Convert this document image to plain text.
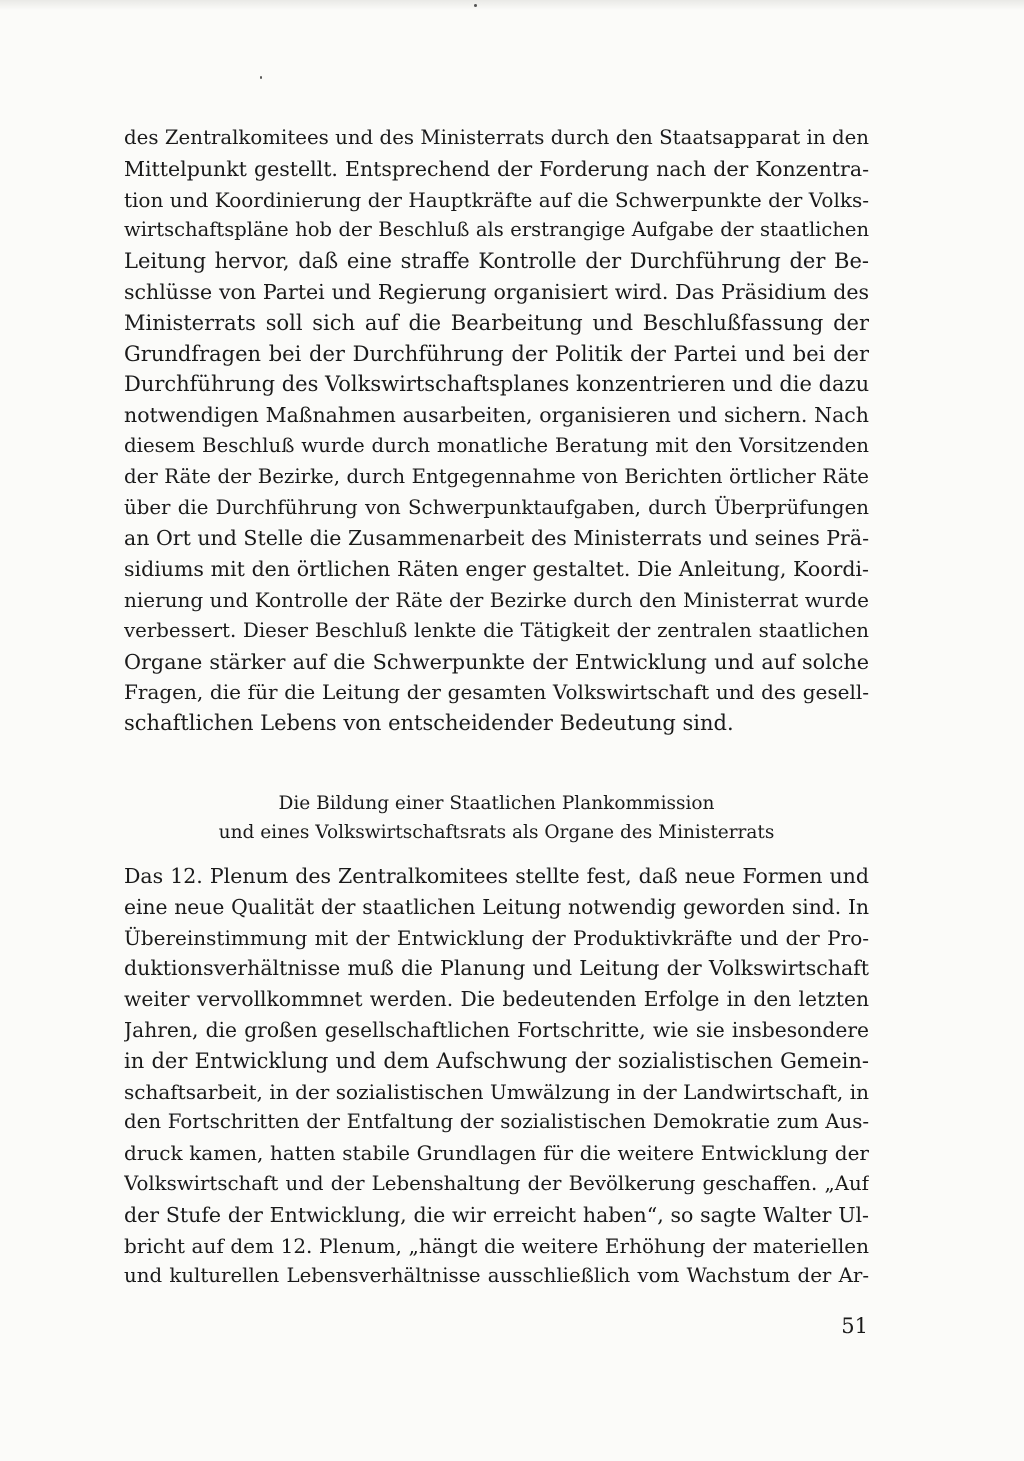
des Zentralkomitees und des Ministerrats durch den Staatsapparat in den
Mittelpunkt gestellt. Entsprechend der Forderung nach der Konzentra-
tion und Koordinierung der Hauptkräfte auf die Schwerpunkte der Volks-
wirtschaftspläne hob der Beschluß als erstrangige Aufgabe der staatlichen
Leitung hervor, daß eine straffe Kontrolle der Durchführung der Be-
schlüsse von Partei und Regierung organisiert wird. Das Präsidium des
Ministerrats soll sich auf die Bearbeitung und Beschlußfassung der
Grundfragen bei der Durchführung der Politik der Partei und bei der
Durchführung des Volkswirtschaftsplanes konzentrieren und die dazu
notwendigen Maßnahmen ausarbeiten, organisieren und sichern. Nach
diesem Beschluß wurde durch monatliche Beratung mit den Vorsitzenden
der Räte der Bezirke, durch Entgegennahme von Berichten örtlicher Räte
über die Durchführung von Schwerpunktaufgaben, durch Überprüfungen
an Ort und Stelle die Zusammenarbeit des Ministerrats und seines Prä-
sidiums mit den örtlichen Räten enger gestaltet. Die Anleitung, Koordi-
nierung und Kontrolle der Räte der Bezirke durch den Ministerrat wurde
verbessert. Dieser Beschluß lenkte die Tätigkeit der zentralen staatlichen
Organe stärker auf die Schwerpunkte der Entwicklung und auf solche
Fragen, die für die Leitung der gesamten Volkswirtschaft und des gesell-
schaftlichen Lebens von entscheidender Bedeutung sind.
Die Bildung einer Staatlichen Plankommission
und eines Volkswirtschaftsrats als Organe des Ministerrats
Das 12. Plenum des Zentralkomitees stellte fest, daß neue Formen und
eine neue Qualität der staatlichen Leitung notwendig geworden sind. In
Übereinstimmung mit der Entwicklung der Produktivkräfte und der Pro-
duktionsverhältnisse muß die Planung und Leitung der Volkswirtschaft
weiter vervollkommnet werden. Die bedeutenden Erfolge in den letzten
Jahren, die großen gesellschaftlichen Fortschritte, wie sie insbesondere
in der Entwicklung und dem Aufschwung der sozialistischen Gemein-
schaftsarbeit, in der sozialistischen Umwälzung in der Landwirtschaft, in
den Fortschritten der Entfaltung der sozialistischen Demokratie zum Aus-
druck kamen, hatten stabile Grundlagen für die weitere Entwicklung der
Volkswirtschaft und der Lebenshaltung der Bevölkerung geschaffen. „Auf
der Stufe der Entwicklung, die wir erreicht haben“, so sagte Walter Ul-
bricht auf dem 12. Plenum, „hängt die weitere Erhöhung der materiellen
und kulturellen Lebensverhältnisse ausschließlich vom Wachstum der Ar-
51
